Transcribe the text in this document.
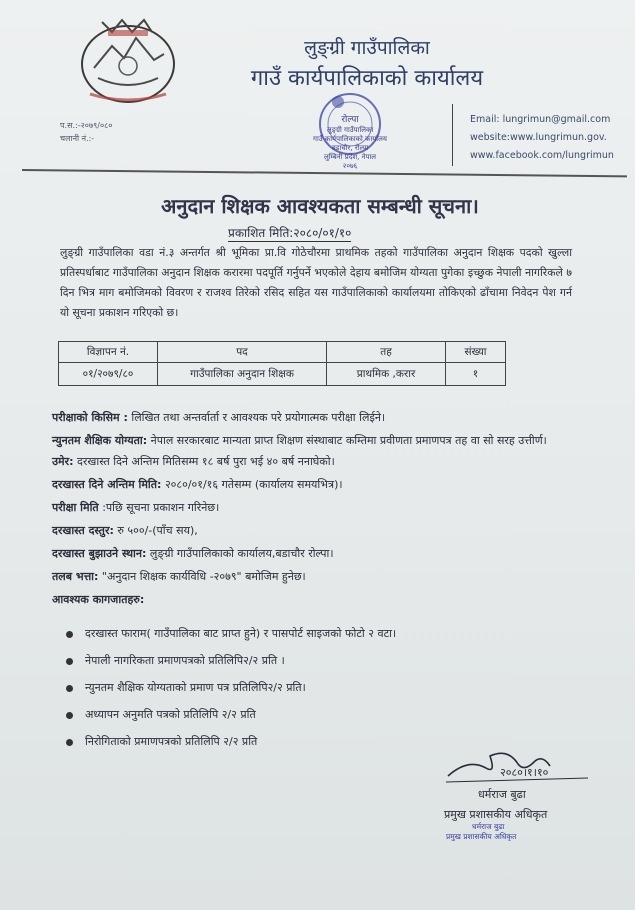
लुङ्ग्री गाउँपालिका
गाउँ कार्यपालिकाको कार्यालय
प.स.:-२०७९/०८०
चलानी नं.:-
रोल्पा
लुङ्ग्री गाउँपालिका
गाउँ कार्यपालिकाको कार्यालय
बडाचौर, रोल्पा
लुम्बिनी प्रदेश, नेपाल
२०७६
Email: lungrimun@gmail.com
website:www.lungrimun.gov.
www.facebook.com/lungrimun
अनुदान शिक्षक आवश्यकता सम्बन्धी सूचना।
प्रकाशित मिति:२०८०/०१/१०
लुङ्ग्री गाउँपालिका वडा नं.३ अन्तर्गत श्री भूमिका प्रा.वि गोठेचौरमा प्राथमिक तहको गाउँपालिका अनुदान शिक्षक पदको खुल्ला प्रतिस्पर्धाबाट गाउँपालिका अनुदान शिक्षक करारमा पदपूर्ति गर्नुपर्ने भएकोले देहाय बमोजिम योग्यता पुगेका इच्छुक नेपाली नागरिकले ७ दिन भित्र माग बमोजिमको विवरण र राजश्व तिरेको रसिद सहित यस गाउँपालिकाको कार्यालयमा तोकिएको ढाँचामा निवेदन पेश गर्न यो सूचना प्रकाशन गरिएको छ।
विज्ञापन नं.	पद	तह	संख्या
०१/२०७९/८०	गाउँपालिका अनुदान शिक्षक	प्राथमिक ,करार	१
परीक्षाको किसिम : लिखित तथा अन्तर्वार्ता र आवश्यक परे प्रयोगात्मक परीक्षा लिईने।
न्युनतम शैक्षिक योग्यता: नेपाल सरकारबाट मान्यता प्राप्त शिक्षण संस्थाबाट कम्तिमा प्रवीणता प्रमाणपत्र तह वा सो सरह उत्तीर्ण।
उमेर: दरखास्त दिने अन्तिम मितिसम्म १८ बर्ष पुरा भई ४० बर्ष ननाघेको।
दरखास्त दिने अन्तिम मिति: २०८०/०१/१६ गतेसम्म (कार्यालय समयभित्र)।
परीक्षा मिति :पछि सूचना प्रकाशन गरिनेछ।
दरखास्त दस्तुर: रु ५००/-(पाँच सय),
दरखास्त बुझाउने स्थान: लुङ्ग्री गाउँपालिकाको कार्यालय,बडाचौर रोल्पा।
तलब भत्ता: "अनुदान शिक्षक कार्यविधि -२०७९" बमोजिम हुनेछ।
आवश्यक कागजातहरु:
दरखास्त फाराम( गाउँपालिका बाट प्राप्त हुने) र पासपोर्ट साइजको फोटो २ वटा।
नेपाली नागरिकता प्रमाणपत्रको प्रतिलिपि२/२ प्रति ।
न्युनतम शैक्षिक योग्यताको प्रमाण पत्र प्रतिलिपि२/२ प्रति।
अध्यापन अनुमति पत्रको प्रतिलिपि २/२ प्रति
निरोगिताको प्रमाणपत्रको प्रतिलिपि २/२ प्रति
२०८०।१।१०
धर्मराज बुढा
प्रमुख प्रशासकीय अधिकृत
धर्मराज बुढा
प्रमुख प्रशासकीय अधिकृत
